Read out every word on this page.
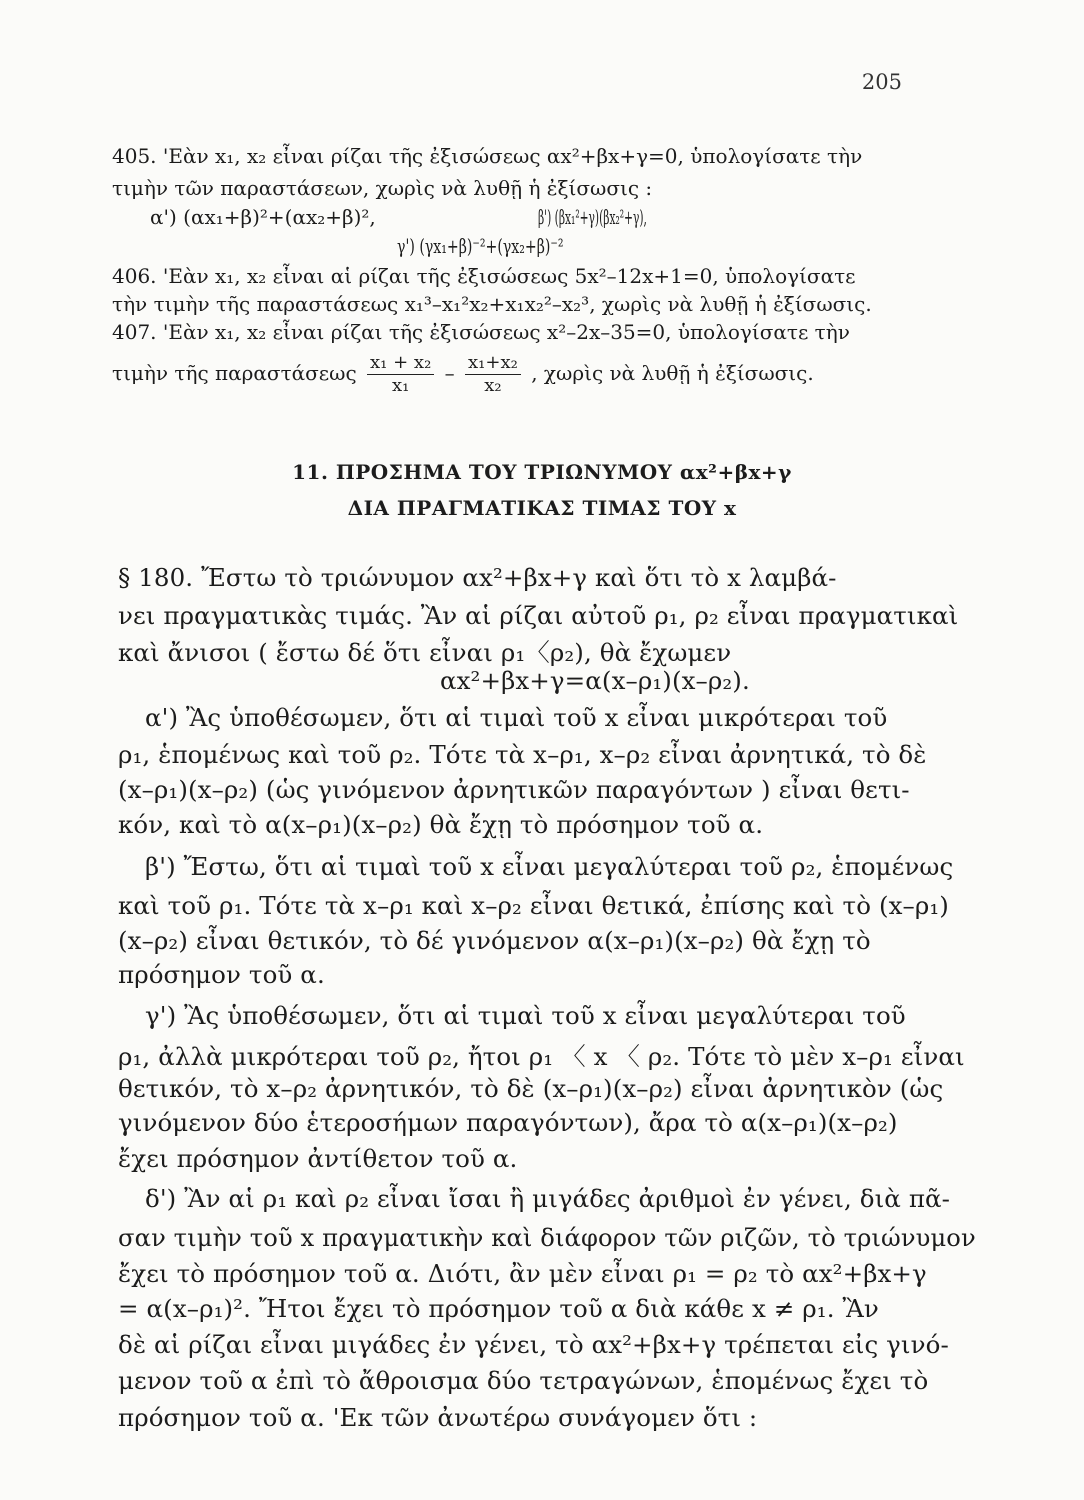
205
405. 'Εὰν x₁, x₂ εἶναι ρίζαι τῆς ἐξισώσεως αx²+βx+γ=0, ὑπολογίσατε τὴν
τιμὴν τῶν παραστάσεων, χωρὶς νὰ λυθῇ ἡ ἐξίσωσις :
α') (αx₁+β)²+(αx₂+β)²,	β') (βx₁²+γ)(βx₂²+γ),
γ') (γx₁+β)⁻²+(γx₂+β)⁻²
406. 'Εὰν x₁, x₂ εἶναι αἱ ρίζαι τῆς ἐξισώσεως 5x²–12x+1=0, ὑπολογίσατε
τὴν τιμὴν τῆς παραστάσεως x₁³–x₁²x₂+x₁x₂²–x₂³, χωρὶς νὰ λυθῇ ἡ ἐξίσωσις.
407. 'Εὰν x₁, x₂ εἶναι ρίζαι τῆς ἐξισώσεως x²–2x–35=0, ὑπολογίσατε τὴν
τιμὴν τῆς παραστάσεως $\frac{\text{x₁ + x₂}}{\text{x₁}} - \frac{\text{x₁+x₂}}{\text{x₂}}$ , χωρὶς νὰ λυθῇ ἡ ἐξίσωσις.
11. ΠΡΟΣΗΜΑ ΤΟΥ ΤΡΙΩΝΥΜΟΥ αx²+βx+γ
ΔΙΑ ΠΡΑΓΜΑΤΙΚΑΣ ΤΙΜΑΣ ΤΟΥ x
§ 180. Ἔστω τὸ τριώνυμον αx²+βx+γ καὶ ὅτι τὸ x λαμβά-
νει πραγματικὰς τιμάς. Ἂν αἱ ρίζαι αὐτοῦ ρ₁, ρ₂ εἶναι πραγματικαὶ
καὶ ἄνισοι ( ἔστω δέ ὅτι εἶναι ρ₁〈ρ₂), θὰ ἔχωμεν
αx²+βx+γ=α(x–ρ₁)(x–ρ₂).
α') Ἂς ὑποθέσωμεν, ὅτι αἱ τιμαὶ τοῦ x εἶναι μικρότεραι τοῦ
ρ₁, ἑπομένως καὶ τοῦ ρ₂. Τότε τὰ x–ρ₁, x–ρ₂ εἶναι ἀρνητικά, τὸ δὲ
(x–ρ₁)(x–ρ₂) (ὡς γινόμενον ἀρνητικῶν παραγόντων ) εἶναι θετι-
κόν, καὶ τὸ α(x–ρ₁)(x–ρ₂) θὰ ἔχῃ τὸ πρόσημον τοῦ α.
β') Ἔστω, ὅτι αἱ τιμαὶ τοῦ x εἶναι μεγαλύτεραι τοῦ ρ₂, ἑπομένως
καὶ τοῦ ρ₁. Τότε τὰ x–ρ₁ καὶ x–ρ₂ εἶναι θετικά, ἐπίσης καὶ τὸ (x–ρ₁)
(x–ρ₂) εἶναι θετικόν, τὸ δέ γινόμενον α(x–ρ₁)(x–ρ₂) θὰ ἔχῃ τὸ
πρόσημον τοῦ α.
γ') Ἂς ὑποθέσωμεν, ὅτι αἱ τιμαὶ τοῦ x εἶναι μεγαλύτεραι τοῦ
ρ₁, ἀλλὰ μικρότεραι τοῦ ρ₂, ἤτοι ρ₁ 〈 x 〈 ρ₂. Τότε τὸ μὲν x–ρ₁ εἶναι
θετικόν, τὸ x–ρ₂ ἀρνητικόν, τὸ δὲ (x–ρ₁)(x–ρ₂) εἶναι ἀρνητικὸν (ὡς
γινόμενον δύο ἑτεροσήμων παραγόντων), ἄρα τὸ α(x–ρ₁)(x–ρ₂)
ἔχει πρόσημον ἀντίθετον τοῦ α.
δ') Ἂν αἱ ρ₁ καὶ ρ₂ εἶναι ἴσαι ἢ μιγάδες ἀριθμοὶ ἐν γένει, διὰ πᾶ-
σαν τιμὴν τοῦ x πραγματικὴν καὶ διάφορον τῶν ριζῶν, τὸ τριώνυμον
ἔχει τὸ πρόσημον τοῦ α. Διότι, ἂν μὲν εἶναι ρ₁ = ρ₂ τὸ αx²+βx+γ
= α(x–ρ₁)². Ἤτοι ἔχει τὸ πρόσημον τοῦ α διὰ κάθε x ≠ ρ₁. Ἂν
δὲ αἱ ρίζαι εἶναι μιγάδες ἐν γένει, τὸ αx²+βx+γ τρέπεται εἰς γινό-
μενον τοῦ α ἐπὶ τὸ ἄθροισμα δύο τετραγώνων, ἑπομένως ἔχει τὸ
πρόσημον τοῦ α. 'Εκ τῶν ἀνωτέρω συνάγομεν ὅτι :
